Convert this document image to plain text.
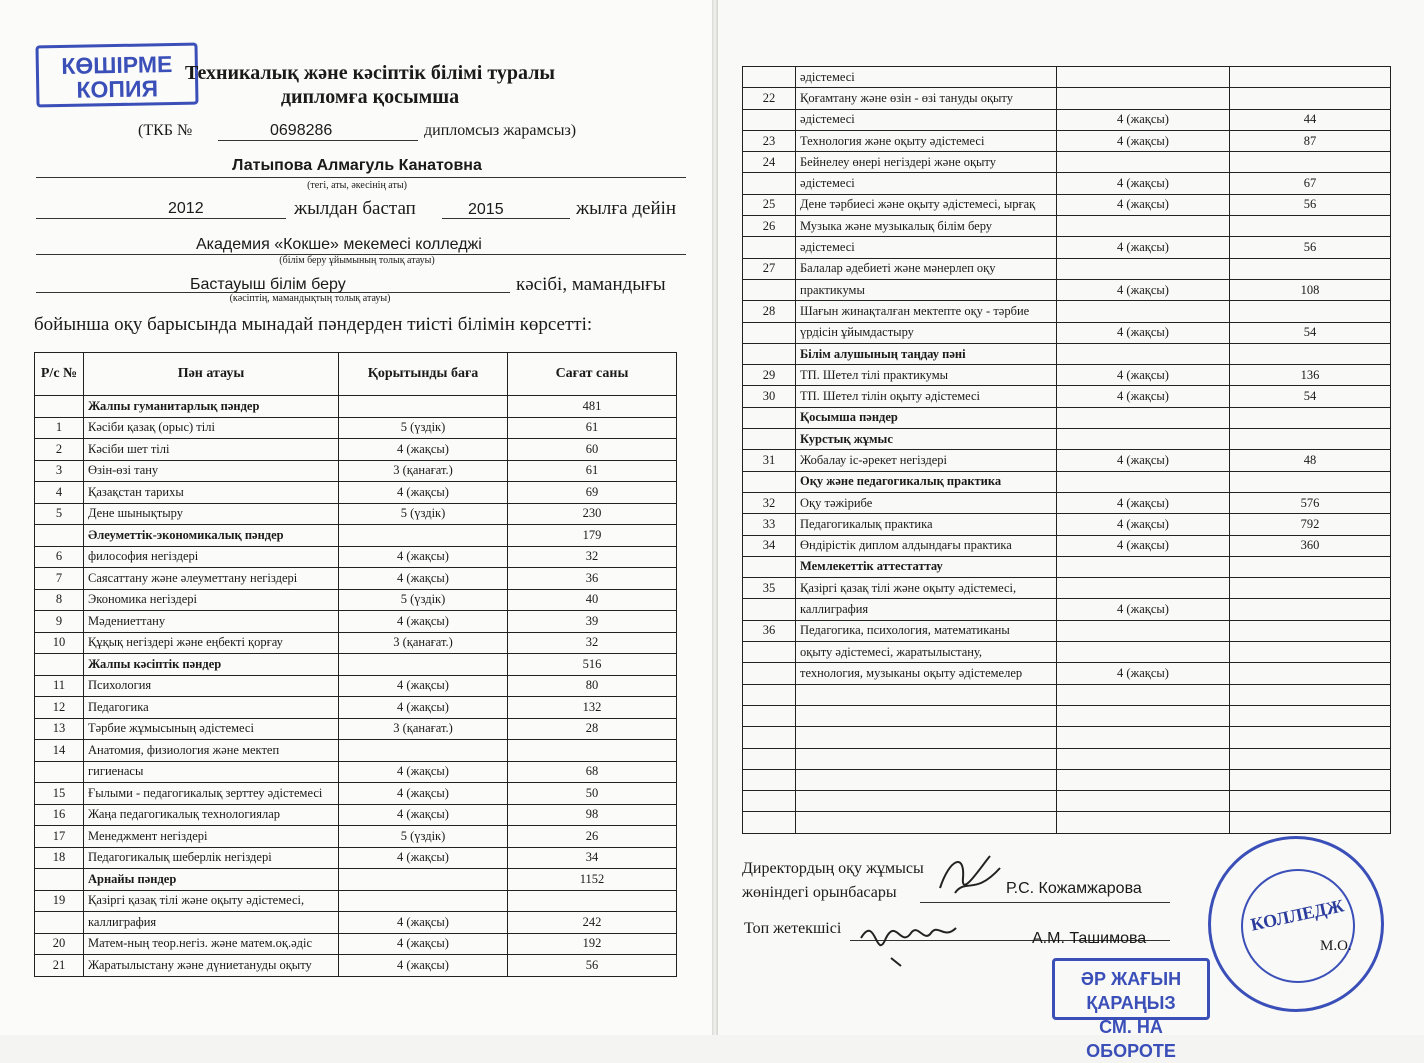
КӨШІРМЕ
КОПИЯ
Техникалық және кәсіптік білімі туралы
дипломға қосымша
(ТКБ №	0698286	дипломсыз жарамсыз)
Латыпова Алмагуль Канатовна
(тегі, аты, әкесінің аты)
2012	жылдан бастап	2015	жылға дейін
Академия «Кокше» мекемесі колледжі
(білім беру ұйымының толық атауы)
Бастауыш білім беру	кәсібі, мамандығы
(кәсіптің, мамандықтың толық атауы)
бойынша оқу барысында мынадай пәндерден тиісті білімін көрсетті:
Р/с №	Пән атауы	Қорытынды баға	Сағат саны
	Жалпы гуманитарлық пәндер		481
1	Кәсіби қазақ (орыс) тілі	5 (үздік)	61
2	Кәсіби шет тілі	4 (жақсы)	60
3	Өзін-өзі тану	3 (қанағат.)	61
4	Қазақстан тарихы	4 (жақсы)	69
5	Дене шынықтыру	5 (үздік)	230
	Әлеуметтік-экономикалық пәндер		179
6	философия негіздері	4 (жақсы)	32
7	Саясаттану және әлеуметтану негіздері	4 (жақсы)	36
8	Экономика негіздері	5 (үздік)	40
9	Мәдениеттану	4 (жақсы)	39
10	Құқық негіздері және еңбекті қорғау	3 (қанағат.)	32
	Жалпы кәсіптік пәндер		516
11	Психология	4 (жақсы)	80
12	Педагогика	4 (жақсы)	132
13	Тәрбие жұмысының әдістемесі	3 (қанағат.)	28
14	Анатомия, физиология және мектеп		
	гигиенасы	4 (жақсы)	68
15	Ғылыми - педагогикалық зерттеу әдістемесі	4 (жақсы)	50
16	Жаңа педагогикалық технологиялар	4 (жақсы)	98
17	Менеджмент негіздері	5 (үздік)	26
18	Педагогикалық шеберлік негіздері	4 (жақсы)	34
	Арнайы пәндер		1152
19	Қазіргі қазақ тілі және оқыту әдістемесі,		
	каллиграфия	4 (жақсы)	242
20	Матем-ның теор.негіз. және матем.оқ.әдіс	4 (жақсы)	192
21	Жаратылыстану және дүниетануды оқыту	4 (жақсы)	56
	әдістемесі		
22	Қоғамтану және өзін - өзі тануды оқыту		
	әдістемесі	4 (жақсы)	44
23	Технология және оқыту әдістемесі	4 (жақсы)	87
24	Бейнелеу өнері негіздері және оқыту		
	әдістемесі	4 (жақсы)	67
25	Дене тәрбиесі және оқыту әдістемесі, ырғақ	4 (жақсы)	56
26	Музыка және музыкалық білім беру		
	әдістемесі	4 (жақсы)	56
27	Балалар әдебиеті және мәнерлеп оқу		
	практикумы	4 (жақсы)	108
28	Шағын жинақталған мектепте оқу - тәрбие		
	үрдісін ұйымдастыру	4 (жақсы)	54
	Білім алушының таңдау пәні		
29	ТП. Шетел тілі практикумы	4 (жақсы)	136
30	ТП. Шетел тілін оқыту әдістемесі	4 (жақсы)	54
	Қосымша пәндер		
	Курстық жұмыс		
31	Жобалау іс-әрекет негіздері	4 (жақсы)	48
	Оқу және педагогикалық практика		
32	Оқу тәжірибе	4 (жақсы)	576
33	Педагогикалық практика	4 (жақсы)	792
34	Өндірістік диплом алдындағы практика	4 (жақсы)	360
	Мемлекеттік аттестаттау		
35	Қазіргі қазақ тілі және оқыту әдістемесі,		
	каллиграфия	4 (жақсы)	
36	Педагогика, психология, математиканы		
	оқыту әдістемесі, жаратылыстану,		
	технология, музыканы оқыту әдістемелер	4 (жақсы)	

Директордың оқу жұмысы
жөніндегі орынбасары	Р.С. Кожамжарова
Топ жетекшісі
А.М. Ташимова
КОЛЛЕДЖ
М.О.
ӘР ЖАҒЫН ҚАРАҢЫЗ
СМ. НА ОБОРОТЕ
